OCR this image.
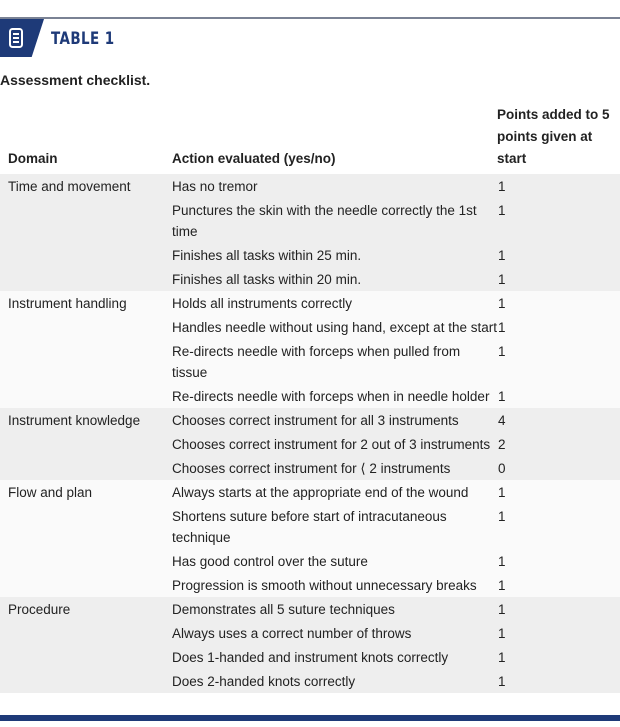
TABLE 1
Assessment checklist.
Domain	Action evaluated (yes/no)	Points added to 5 points given at start
Time and movement	Has no tremor	1
	Punctures the skin with the needle correctly the 1st time	1
	Finishes all tasks within 25 min.	1
	Finishes all tasks within 20 min.	1
Instrument handling	Holds all instruments correctly	1
	Handles needle without using hand, except at the start	1
	Re-directs needle with forceps when pulled from tissue	1
	Re-directs needle with forceps when in needle holder	1
Instrument knowledge	Chooses correct instrument for all 3 instruments	4
	Chooses correct instrument for 2 out of 3 instruments	2
	Chooses correct instrument for ⟨ 2 instruments	0
Flow and plan	Always starts at the appropriate end of the wound	1
	Shortens suture before start of intracutaneous technique	1
	Has good control over the suture	1
	Progression is smooth without unnecessary breaks	1
Procedure	Demonstrates all 5 suture techniques	1
	Always uses a correct number of throws	1
	Does 1-handed and instrument knots correctly	1
	Does 2-handed knots correctly	1
